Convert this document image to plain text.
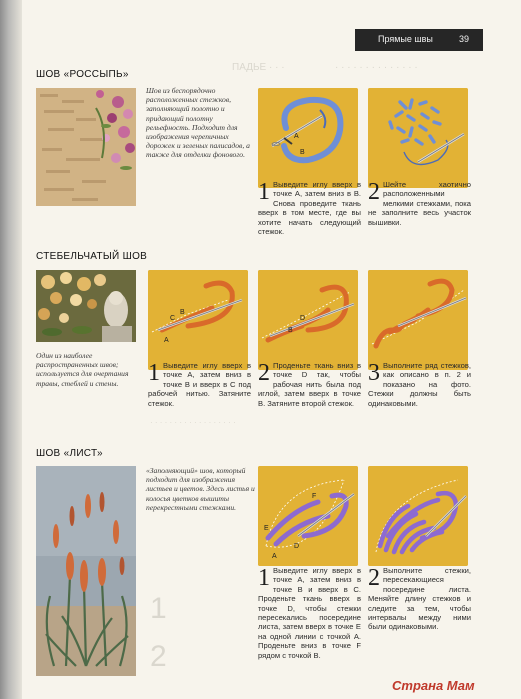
ПАДЬЕ · · ·	· · · · · · · · · · · · · ·
Прямые швы	39
ШОВ «РОССЫПЬ»
Шов из беспорядочно расположенных стежков, заполняющий полотно и придающий полотну рельефность. Подходит для изображения черепичных дорожек и зеленых палисадов, а также для отделки фонового.
A
B
1 Выведите иглу вверх в точке А, затем вниз в В. Снова проведите ткань вверх в том месте, где вы хотите начать следующий стежок.
2 Шейте хаотично расположенными мелкими стежками, пока не заполните весь участок вышивки.
СТЕБЕЛЬЧАТЫЙ ШОВ
Один из наиболее распространенных швов; используется для очертания травы, стеблей и стены.
A
C
B
B
D
1 Выведите иглу вверх в точке А, затем вниз в точке В и вверх в С под рабочей нитью. Затяните стежок.
2 Проденьте ткань вниз в точке D так, чтобы рабочая нить была под иглой, затем вверх в точке В. Затяните второй стежок.
3 Выполните ряд стежков, как описано в п. 2 и показано на фото. Стежки должны быть одинаковыми.
· · · · · · · · · · · · · · · · · ·
ШОВ «ЛИСТ»
«Заполняющий» шов, который подходит для изображения листьев и цветов. Здесь листья и колосья цветков вышиты перекрестными стежками.
E
A
F
D
1
2
1 Выведите иглу вверх в точке А, затем вниз в точке В и вверх в С. Проденьте ткань вверх в точке D, чтобы стежки пересекались посередине листа, затем вверх в точке Е на одной линии с точкой А. Проденьте вниз в точке F рядом с точкой В.
2 Выполните стежки, пересекающиеся посередине листа. Меняйте длину стежков и следите за тем, чтобы интервалы между ними были одинаковыми.
Страна Мам
